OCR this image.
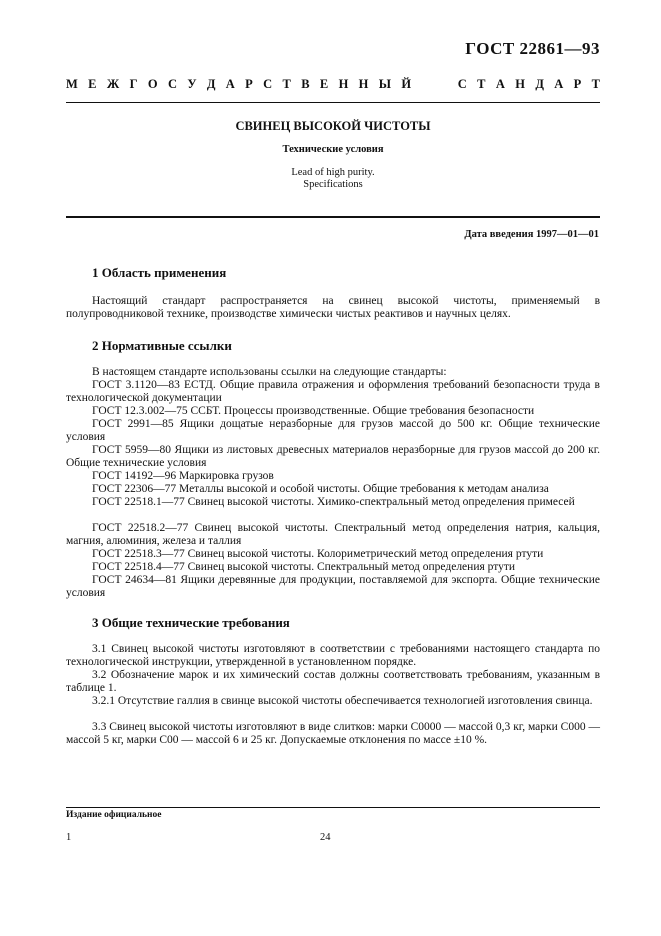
ГОСТ 22861—93
М Е Ж Г О С У Д А Р С Т В Е Н Н Ы Й	С Т А Н Д А Р Т
СВИНЕЦ ВЫСОКОЙ ЧИСТОТЫ
Технические условия
Lead of high purity.
Specifications
Дата введения 1997—01—01
1 Область применения
Настоящий стандарт распространяется на свинец высокой чистоты, применяемый в полупроводниковой технике, производстве химически чистых реактивов и научных целях.
2 Нормативные ссылки
В настоящем стандарте использованы ссылки на следующие стандарты:
ГОСТ 3.1120—83 ЕСТД. Общие правила отражения и оформления требований безопасности труда в технологической документации
ГОСТ 12.3.002—75 ССБТ. Процессы производственные. Общие требования безопасности
ГОСТ 2991—85 Ящики дощатые неразборные для грузов массой до 500 кг. Общие технические условия
ГОСТ 5959—80 Ящики из листовых древесных материалов неразборные для грузов массой до 200 кг. Общие технические условия
ГОСТ 14192—96 Маркировка грузов
ГОСТ 22306—77 Металлы высокой и особой чистоты. Общие требования к методам анализа
ГОСТ 22518.1—77 Свинец высокой чистоты. Химико-спектральный метод определения примесей
ГОСТ 22518.2—77 Свинец высокой чистоты. Спектральный метод определения натрия, кальция, магния, алюминия, железа и таллия
ГОСТ 22518.3—77 Свинец высокой чистоты. Колориметрический метод определения ртути
ГОСТ 22518.4—77 Свинец высокой чистоты. Спектральный метод определения ртути
ГОСТ 24634—81 Ящики деревянные для продукции, поставляемой для экспорта. Общие технические условия
3 Общие технические требования
3.1 Свинец высокой чистоты изготовляют в соответствии с требованиями настоящего стандарта по технологической инструкции, утвержденной в установленном порядке.
3.2 Обозначение марок и их химический состав должны соответствовать требованиям, указанным в таблице 1.
3.2.1 Отсутствие галлия в свинце высокой чистоты обеспечивается технологией изготовления свинца.
3.3 Свинец высокой чистоты изготовляют в виде слитков: марки С0000 — массой 0,3 кг, марки С000 — массой 5 кг, марки С00 — массой 6 и 25 кг. Допускаемые отклонения по массе ±10 %.
Издание официальное
1	24
